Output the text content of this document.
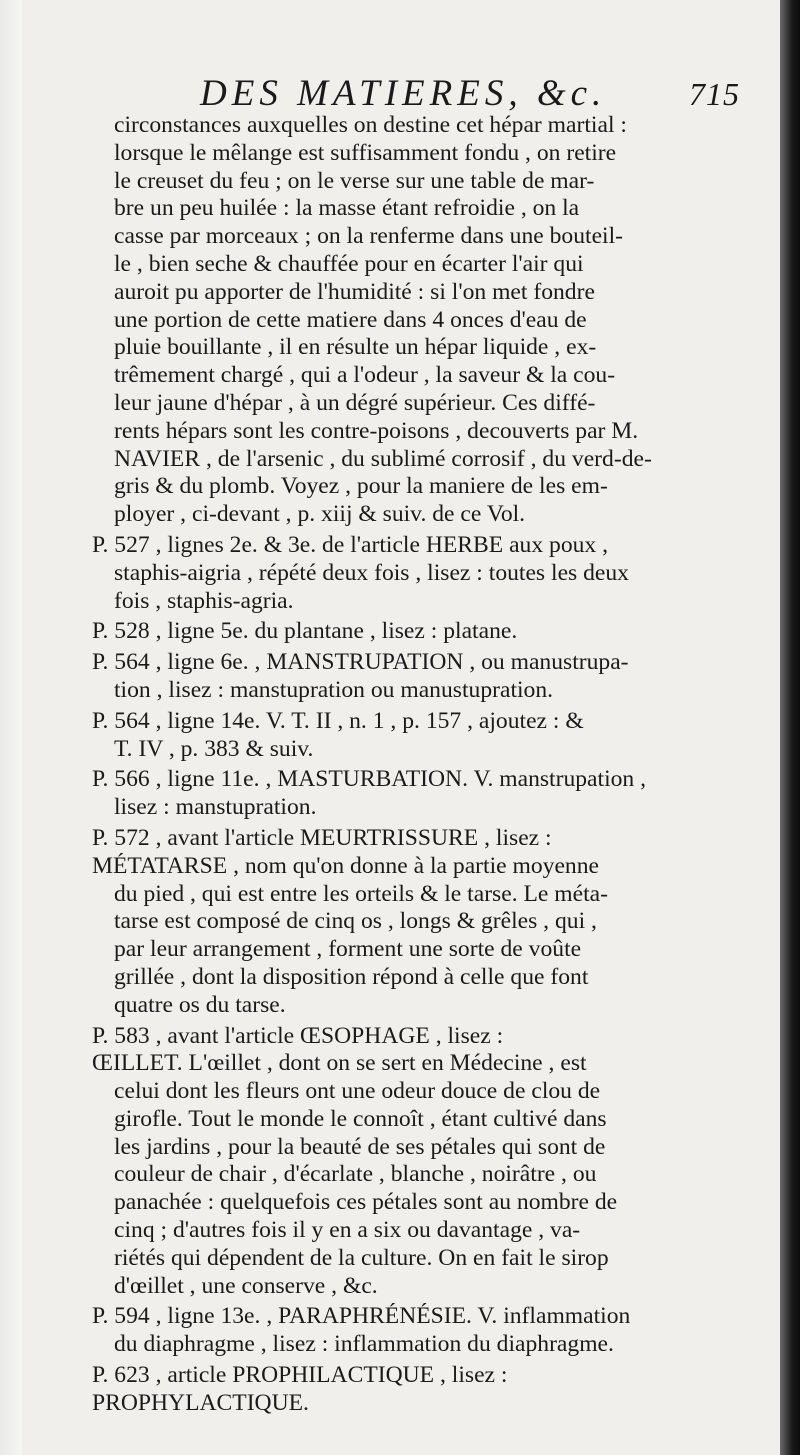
DES MATIERES, &c.	715
circonstances auxquelles on destine cet hépar martial :
lorsque le mêlange est suffisamment fondu , on retire
le creuset du feu ; on le verse sur une table de mar-
bre un peu huilée : la masse étant refroidie , on la
casse par morceaux ; on la renferme dans une bouteil-
le , bien seche & chauffée pour en écarter l'air qui
auroit pu apporter de l'humidité : si l'on met fondre
une portion de cette matiere dans 4 onces d'eau de
pluie bouillante , il en résulte un hépar liquide , ex-
trêmement chargé , qui a l'odeur , la saveur & la cou-
leur jaune d'hépar , à un dégré supérieur. Ces diffé-
rents hépars sont les contre-poisons , decouverts par M.
NAVIER , de l'arsenic , du sublimé corrosif , du verd-de-
gris & du plomb. Voyez , pour la maniere de les em-
ployer , ci-devant , p. xiij & suiv. de ce Vol.
P. 527 , lignes 2e. & 3e. de l'article HERBE aux poux ,
staphis-aigria , répété deux fois , lisez : toutes les deux
fois , staphis-agria.
P. 528 , ligne 5e. du plantane , lisez : platane.
P. 564 , ligne 6e. , MANSTRUPATION , ou manustrupa-
tion , lisez : manstupration ou manustupration.
P. 564 , ligne 14e. V. T. II , n. 1 , p. 157 , ajoutez : &
T. IV , p. 383 & suiv.
P. 566 , ligne 11e. , MASTURBATION. V. manstrupation ,
lisez : manstupration.
P. 572 , avant l'article MEURTRISSURE , lisez :
MÉTATARSE , nom qu'on donne à la partie moyenne
du pied , qui est entre les orteils & le tarse. Le méta-
tarse est composé de cinq os , longs & grêles , qui ,
par leur arrangement , forment une sorte de voûte
grillée , dont la disposition répond à celle que font
quatre os du tarse.
P. 583 , avant l'article ŒSOPHAGE , lisez :
ŒILLET. L'œillet , dont on se sert en Médecine , est
celui dont les fleurs ont une odeur douce de clou de
girofle. Tout le monde le connoît , étant cultivé dans
les jardins , pour la beauté de ses pétales qui sont de
couleur de chair , d'écarlate , blanche , noirâtre , ou
panachée : quelquefois ces pétales sont au nombre de
cinq ; d'autres fois il y en a six ou davantage , va-
riétés qui dépendent de la culture. On en fait le sirop
d'œillet , une conserve , &c.
P. 594 , ligne 13e. , PARAPHRÉNÉSIE. V. inflammation
du diaphragme , lisez : inflammation du diaphragme.
P. 623 , article PROPHILACTIQUE , lisez :
PROPHYLACTIQUE.
